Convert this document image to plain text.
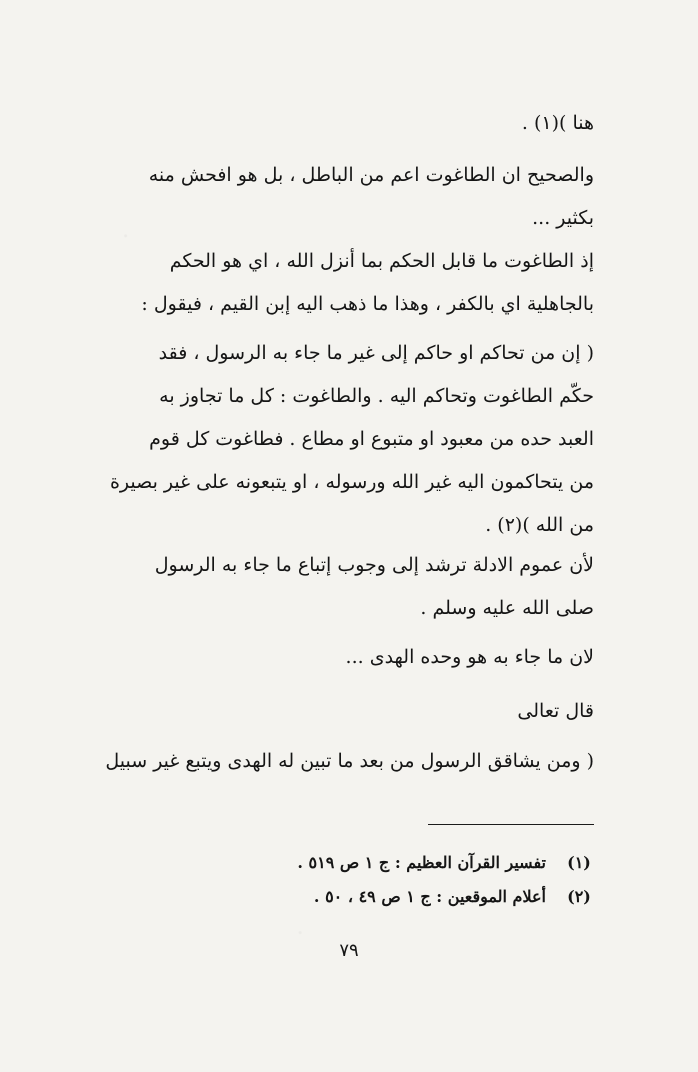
هنا )(١) .
والصحيح ان الطاغوت اعم من الباطل ، بل هو افحش منه
بكثير ...
إذ الطاغوت ما قابل الحكم بما أنزل الله ، اي هو الحكم
بالجاهلية اي بالكفر ، وهذا ما ذهب اليه إبن القيم ، فيقول :
( إن من تحاكم او حاكم إلى غير ما جاء به الرسول ، فقد
حكّم الطاغوت وتحاكم اليه . والطاغوت : كل ما تجاوز به
العبد حده من معبود او متبوع او مطاع . فطاغوت كل قوم
من يتحاكمون اليه غير الله ورسوله ، او يتبعونه على غير بصيرة
من الله )(٢) .
لأن عموم الادلة ترشد إلى وجوب إتباع ما جاء به الرسول
صلى الله عليه وسلم .
لان ما جاء به هو وحده الهدى ...
قال تعالى
( ومن يشاقق الرسول من بعد ما تبين له الهدى ويتبع غير سبيل
(١)
تفسير القرآن العظيم : ج ١ ص ٥١٩ .
(٢)
أعلام الموقعين : ج ١ ص ٤٩ ، ٥٠ .
٧٩
